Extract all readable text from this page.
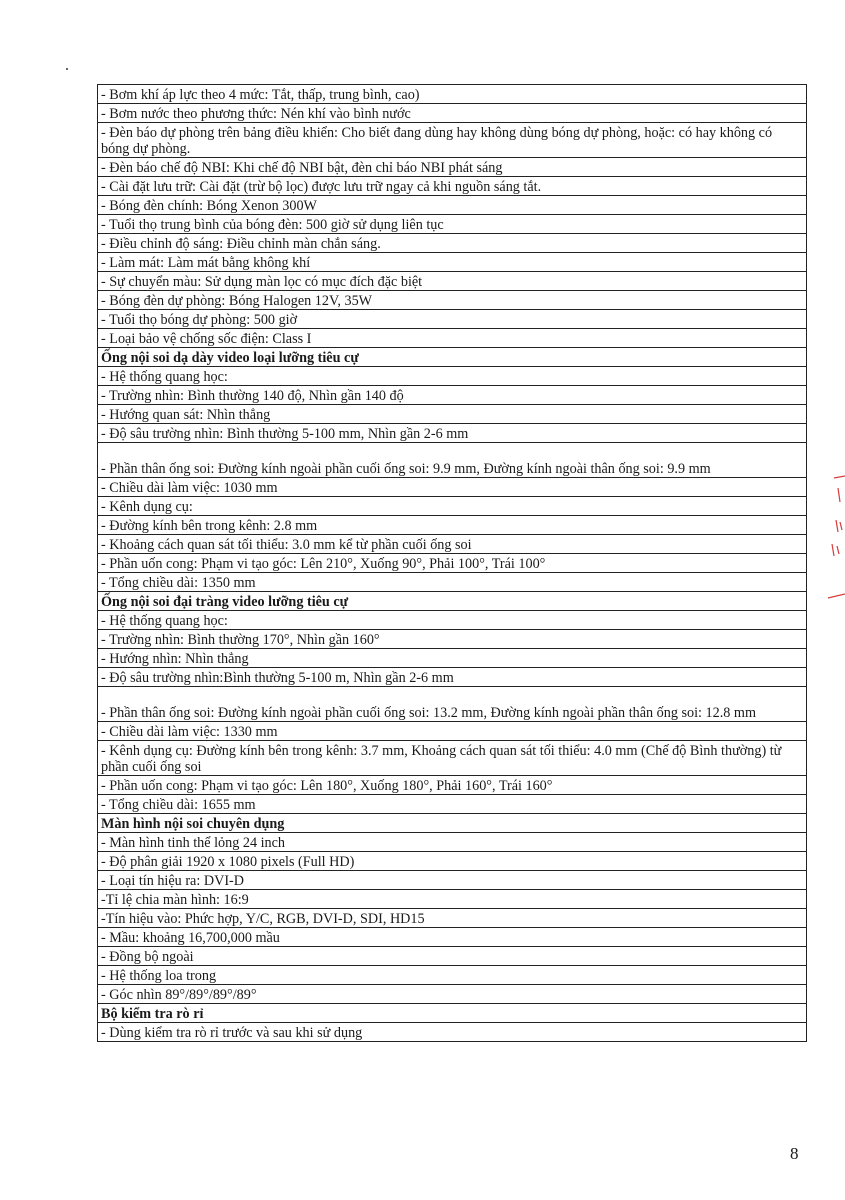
- Bơm khí áp lực theo 4 mức: Tắt, thấp, trung bình, cao)
- Bơm nước theo phương thức: Nén khí vào bình nước
- Đèn báo dự phòng trên bảng điều khiển: Cho biết đang dùng hay không dùng bóng dự phòng, hoặc: có hay không có bóng dự phòng.
- Đèn báo chế độ NBI: Khi chế độ NBI bật, đèn chỉ báo NBI phát sáng
- Cài đặt lưu trữ: Cài đặt (trừ bộ lọc) được lưu trữ ngay cả khi nguồn sáng tắt.
- Bóng đèn chính: Bóng Xenon 300W
- Tuổi thọ trung bình của bóng đèn: 500 giờ sử dụng liên tục
- Điều chỉnh độ sáng: Điều chỉnh màn chắn sáng.
- Làm mát: Làm mát bằng không khí
- Sự chuyển màu: Sử dụng màn lọc có mục đích đặc biệt
- Bóng đèn dự phòng: Bóng Halogen 12V, 35W
- Tuổi thọ bóng dự phòng: 500 giờ
- Loại bảo vệ chống sốc điện: Class I
Ống nội soi dạ dày video loại lưỡng tiêu cự
- Hệ thống quang học:
- Trường nhìn: Bình thường 140 độ, Nhìn gần 140 độ
- Hướng quan sát: Nhìn thẳng
- Độ sâu trường nhìn: Bình thường 5-100 mm, Nhìn gần 2-6 mm
- Phần thân ống soi: Đường kính ngoài phần cuối ống soi: 9.9 mm, Đường kính ngoài thân ống soi: 9.9 mm
- Chiều dài làm việc: 1030 mm
- Kênh dụng cụ:
- Đường kính bên trong kênh: 2.8 mm
- Khoảng cách quan sát tối thiểu: 3.0 mm kể từ phần cuối ống soi
- Phần uốn cong: Phạm vi tạo góc: Lên 210°, Xuống 90°, Phải 100°, Trái 100°
- Tổng chiều dài: 1350 mm
Ống nội soi đại tràng video lưỡng tiêu cự
- Hệ thống quang học:
- Trường nhìn: Bình thường 170°, Nhìn gần 160°
- Hướng nhìn: Nhìn thẳng
- Độ sâu trường nhìn:Bình thường 5-100 m, Nhìn gần 2-6 mm
- Phần thân ống soi: Đường kính ngoài phần cuối ống soi: 13.2 mm, Đường kính ngoài phần thân ống soi: 12.8 mm
- Chiều dài làm việc: 1330 mm
- Kênh dụng cụ: Đường kính bên trong kênh: 3.7 mm, Khoảng cách quan sát tối thiểu: 4.0 mm (Chế độ Bình thường) từ phần cuối ống soi
- Phần uốn cong: Phạm vi tạo góc: Lên 180°, Xuống 180°, Phải 160°, Trái 160°
- Tổng chiều dài: 1655 mm
Màn hình nội soi chuyên dụng
- Màn hình tinh thể lỏng 24 inch
- Độ phân giải 1920 x 1080 pixels (Full HD)
- Loại tín hiệu ra: DVI-D
-Tỉ lệ chia màn hình: 16:9
-Tín hiệu vào: Phức hợp, Y/C, RGB, DVI-D, SDI, HD15
- Mầu: khoảng 16,700,000 mầu
- Đồng bộ ngoài
- Hệ thống loa trong
- Góc nhìn 89°/89°/89°/89°
Bộ kiểm tra rò rỉ
- Dùng kiểm tra rò rỉ trước và sau khi sử dụng
8
